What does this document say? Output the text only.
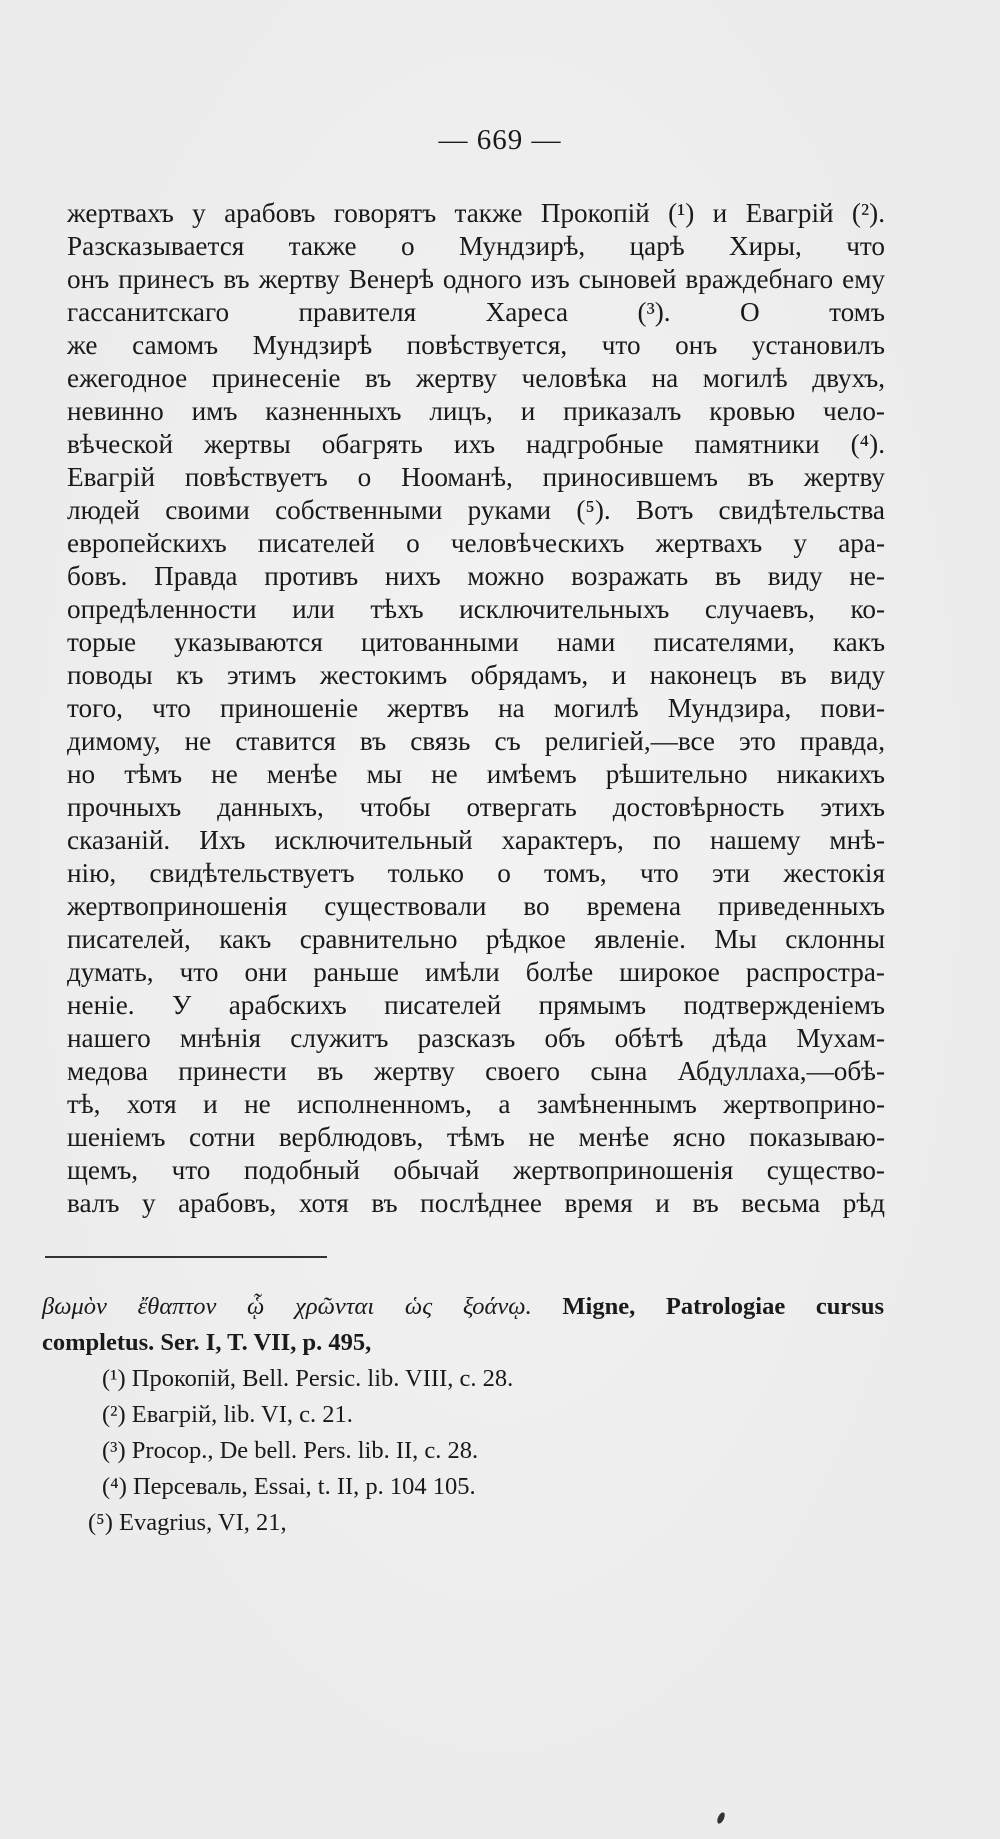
— 669 —
жертвахъ у арабовъ говорятъ также Прокопій (¹) и Евагрій (²). Разсказывается также о Мундзирѣ, царѣ Хиры, что
онъ принесъ въ жертву Венерѣ одного изъ сыновей враждебнаго ему гассанитскаго правителя Хареса (³). О томъ
же самомъ Мундзирѣ повѣствуется, что онъ установилъ
ежегодное принесеніе въ жертву человѣка на могилѣ двухъ,
невинно имъ казненныхъ лицъ, и приказалъ кровью чело-
вѣческой жертвы обагрять ихъ надгробные памятники (⁴).
Евагрій повѣствуетъ о Ноомaнѣ, приносившемъ въ жертву
людей своими собственными руками (⁵). Вотъ свидѣтельства
европейскихъ писателей о человѣческихъ жертвахъ у ара-
бовъ. Правда противъ нихъ можно возражать въ виду не-
опредѣленности или тѣхъ исключительныхъ случаевъ, ко-
торые указываются цитованными нами писателями, какъ
поводы къ этимъ жестокимъ обрядамъ, и наконецъ въ виду
того, что приношеніе жертвъ на могилѣ Мундзира, пови-
димому, не ставится въ связь съ религіей,—все это правда,
но тѣмъ не менѣе мы не имѣемъ рѣшительно никакихъ
прочныхъ данныхъ, чтобы отвергать достовѣрность этихъ
сказаній. Ихъ исключительный характеръ, по нашему мнѣ-
нію, свидѣтельствуетъ только о томъ, что эти жестокія
жертвоприношенія существовали во времена приведенныхъ
писателей, какъ сравнительно рѣдкое явленіе. Мы склонны
думать, что они раньше имѣли болѣе широкое распростра-
неніе. У арабскихъ писателей прямымъ подтвержденіемъ
нашего мнѣнія служитъ разсказъ объ обѣтѣ дѣда Мухам-
медова принести въ жертву своего сына Абдуллаха,—обѣ-
тѣ, хотя и не исполненномъ, а замѣненнымъ жертвоприно-
шеніемъ сотни верблюдовъ, тѣмъ не менѣе ясно показываю-
щемъ, что подобный обычай жертвоприношенія существо-
валъ у арабовъ, хотя въ послѣднее время и въ весьма рѣд
βωμὸν ἔθαπτον ᾧ χρῶνται ὡς ξοάνῳ. Migne, Patrologiae cursus
completus. Ser. I, T. VII, p. 495,
(¹) Прокопій, Bell. Persic. lib. VIII, c. 28.
(²) Евагрій, lib. VI, c. 21.
(³) Procop., De bell. Pers. lib. II, c. 28.
(⁴) Персеваль, Essai, t. II, p. 104 105.
(⁵) Evagrius, VI, 21,
